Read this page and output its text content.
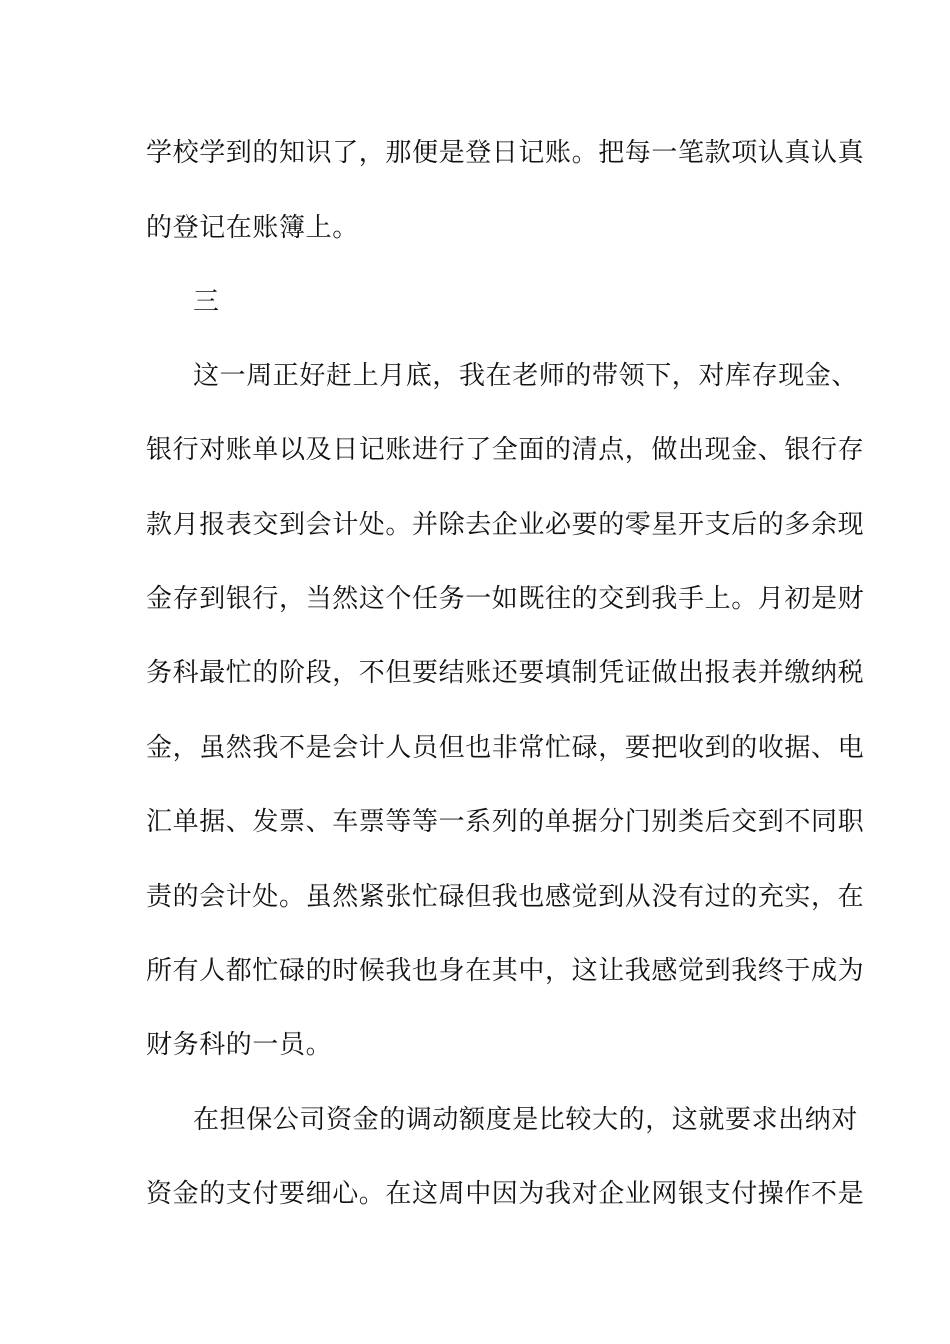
学校学到的知识了，那便是登日记账。把每一笔款项认真认真
的登记在账簿上。
三
这一周正好赶上月底，我在老师的带领下，对库存现金、
银行对账单以及日记账进行了全面的清点，做出现金、银行存
款月报表交到会计处。并除去企业必要的零星开支后的多余现
金存到银行，当然这个任务一如既往的交到我手上。月初是财
务科最忙的阶段，不但要结账还要填制凭证做出报表并缴纳税
金，虽然我不是会计人员但也非常忙碌，要把收到的收据、电
汇单据、发票、车票等等一系列的单据分门别类后交到不同职
责的会计处。虽然紧张忙碌但我也感觉到从没有过的充实，在
所有人都忙碌的时候我也身在其中，这让我感觉到我终于成为
财务科的一员。
在担保公司资金的调动额度是比较大的，这就要求出纳对
资金的支付要细心。在这周中因为我对企业网银支付操作不是
